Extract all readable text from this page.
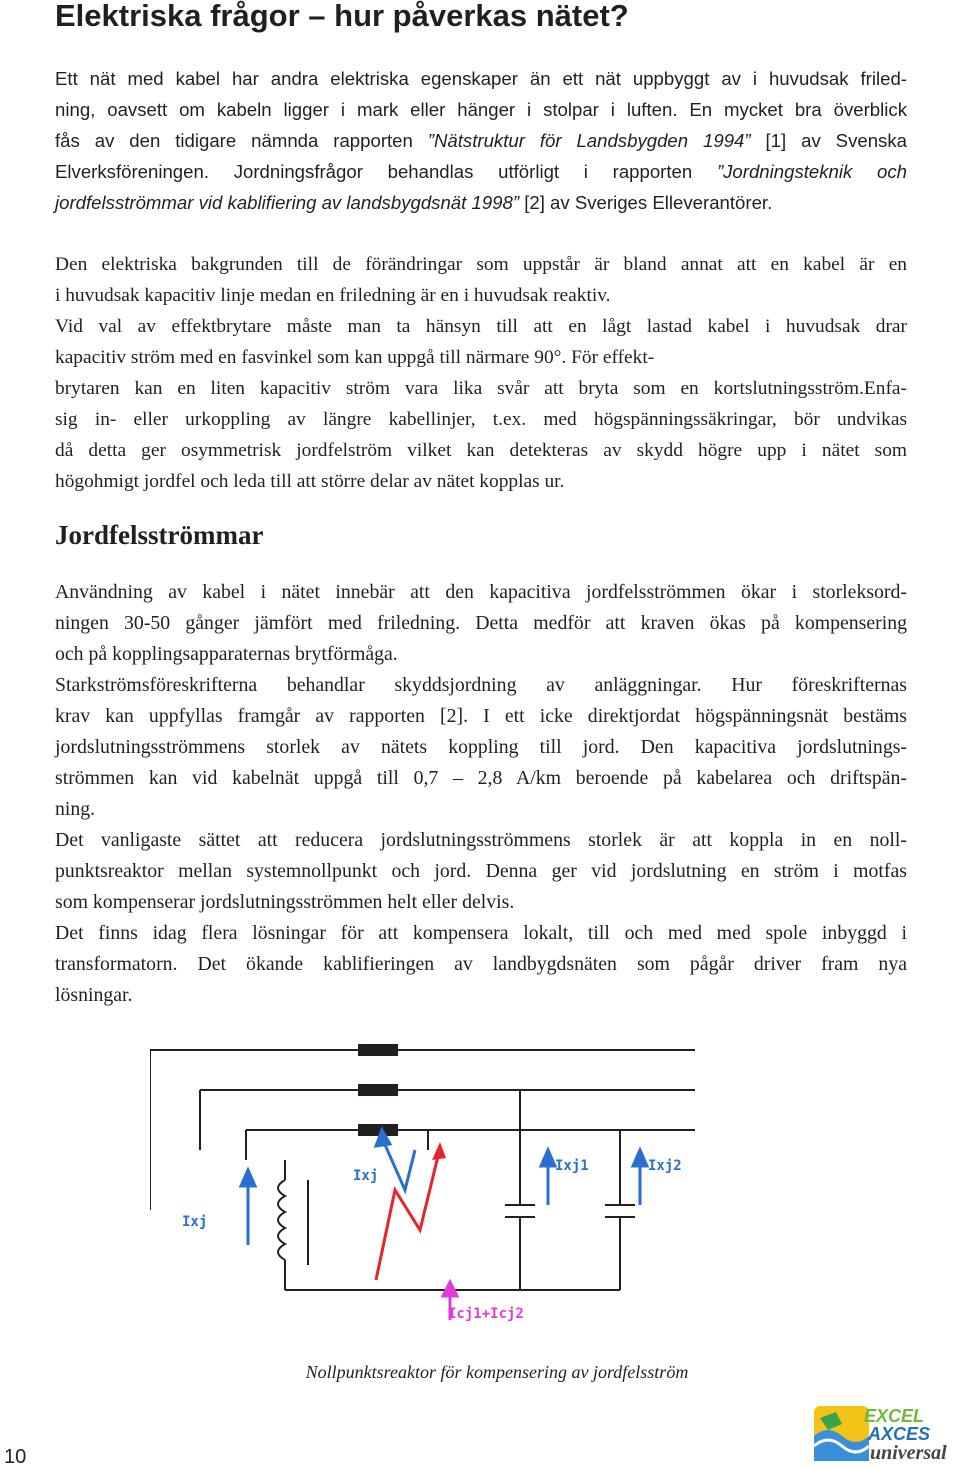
Elektriska frågor – hur påverkas nätet?
Ett nät med kabel har andra elektriska egenskaper än ett nät uppbyggt av i huvudsak friled-
ning, oavsett om kabeln ligger i mark eller hänger i stolpar i luften. En mycket bra överblick
fås av den tidigare nämnda rapporten ”Nätstruktur för Landsbygden 1994” [1] av Svenska
Elverksföreningen. Jordningsfrågor behandlas utförligt i rapporten ”Jordningsteknik och
jordfelsströmmar vid kablifiering av landsbygdsnät 1998” [2] av Sveriges Elleverantörer.
Den elektriska bakgrunden till de förändringar som uppstår är bland annat att en kabel är en
i huvudsak kapacitiv linje medan en friledning är en i huvudsak reaktiv.
Vid val av effektbrytare måste man ta hänsyn till att en lågt lastad kabel i huvudsak drar
kapacitiv ström med en fasvinkel som kan uppgå till närmare 90°. För effekt-
brytaren kan en liten kapacitiv ström vara lika svår att bryta som en kortslutningsström.Enfa-
sig in- eller urkoppling av längre kabellinjer, t.ex. med högspänningssäkringar, bör undvikas
då detta ger osymmetrisk jordfelström vilket kan detekteras av skydd högre upp i nätet som
högohmigt jordfel och leda till att större delar av nätet kopplas ur.
Jordfelsströmmar
Användning av kabel i nätet innebär att den kapacitiva jordfelsströmmen ökar i storleksord-
ningen 30-50 gånger jämfört med friledning. Detta medför att kraven ökas på kompensering
och på kopplingsapparaternas brytförmåga.
Starkströmsföreskrifterna behandlar skyddsjordning av anläggningar. Hur föreskrifternas
krav kan uppfyllas framgår av rapporten [2]. I ett icke direktjordat högspänningsnät bestäms
jordslutningsströmmens storlek av nätets koppling till jord. Den kapacitiva jordslutnings-
strömmen kan vid kabelnät uppgå till 0,7 – 2,8 A/km beroende på kabelarea och driftspän-
ning.
Det vanligaste sättet att reducera jordslutningsströmmens storlek är att koppla in en noll-
punktsreaktor mellan systemnollpunkt och jord. Denna ger vid jordslutning en ström i motfas
som kompenserar jordslutningsströmmen helt eller delvis.
Det finns idag flera lösningar för att kompensera lokalt, till och med med spole inbyggd i
transformatorn. Det ökande kablifieringen av landbygdsnäten som pågår driver fram nya
lösningar.
Ixj
Ixj
Ixj1	Ixj2
Icj1+Icj2
Nollpunktsreaktor för kompensering av jordfelsström
10
EXCEL
AXCES
universal
